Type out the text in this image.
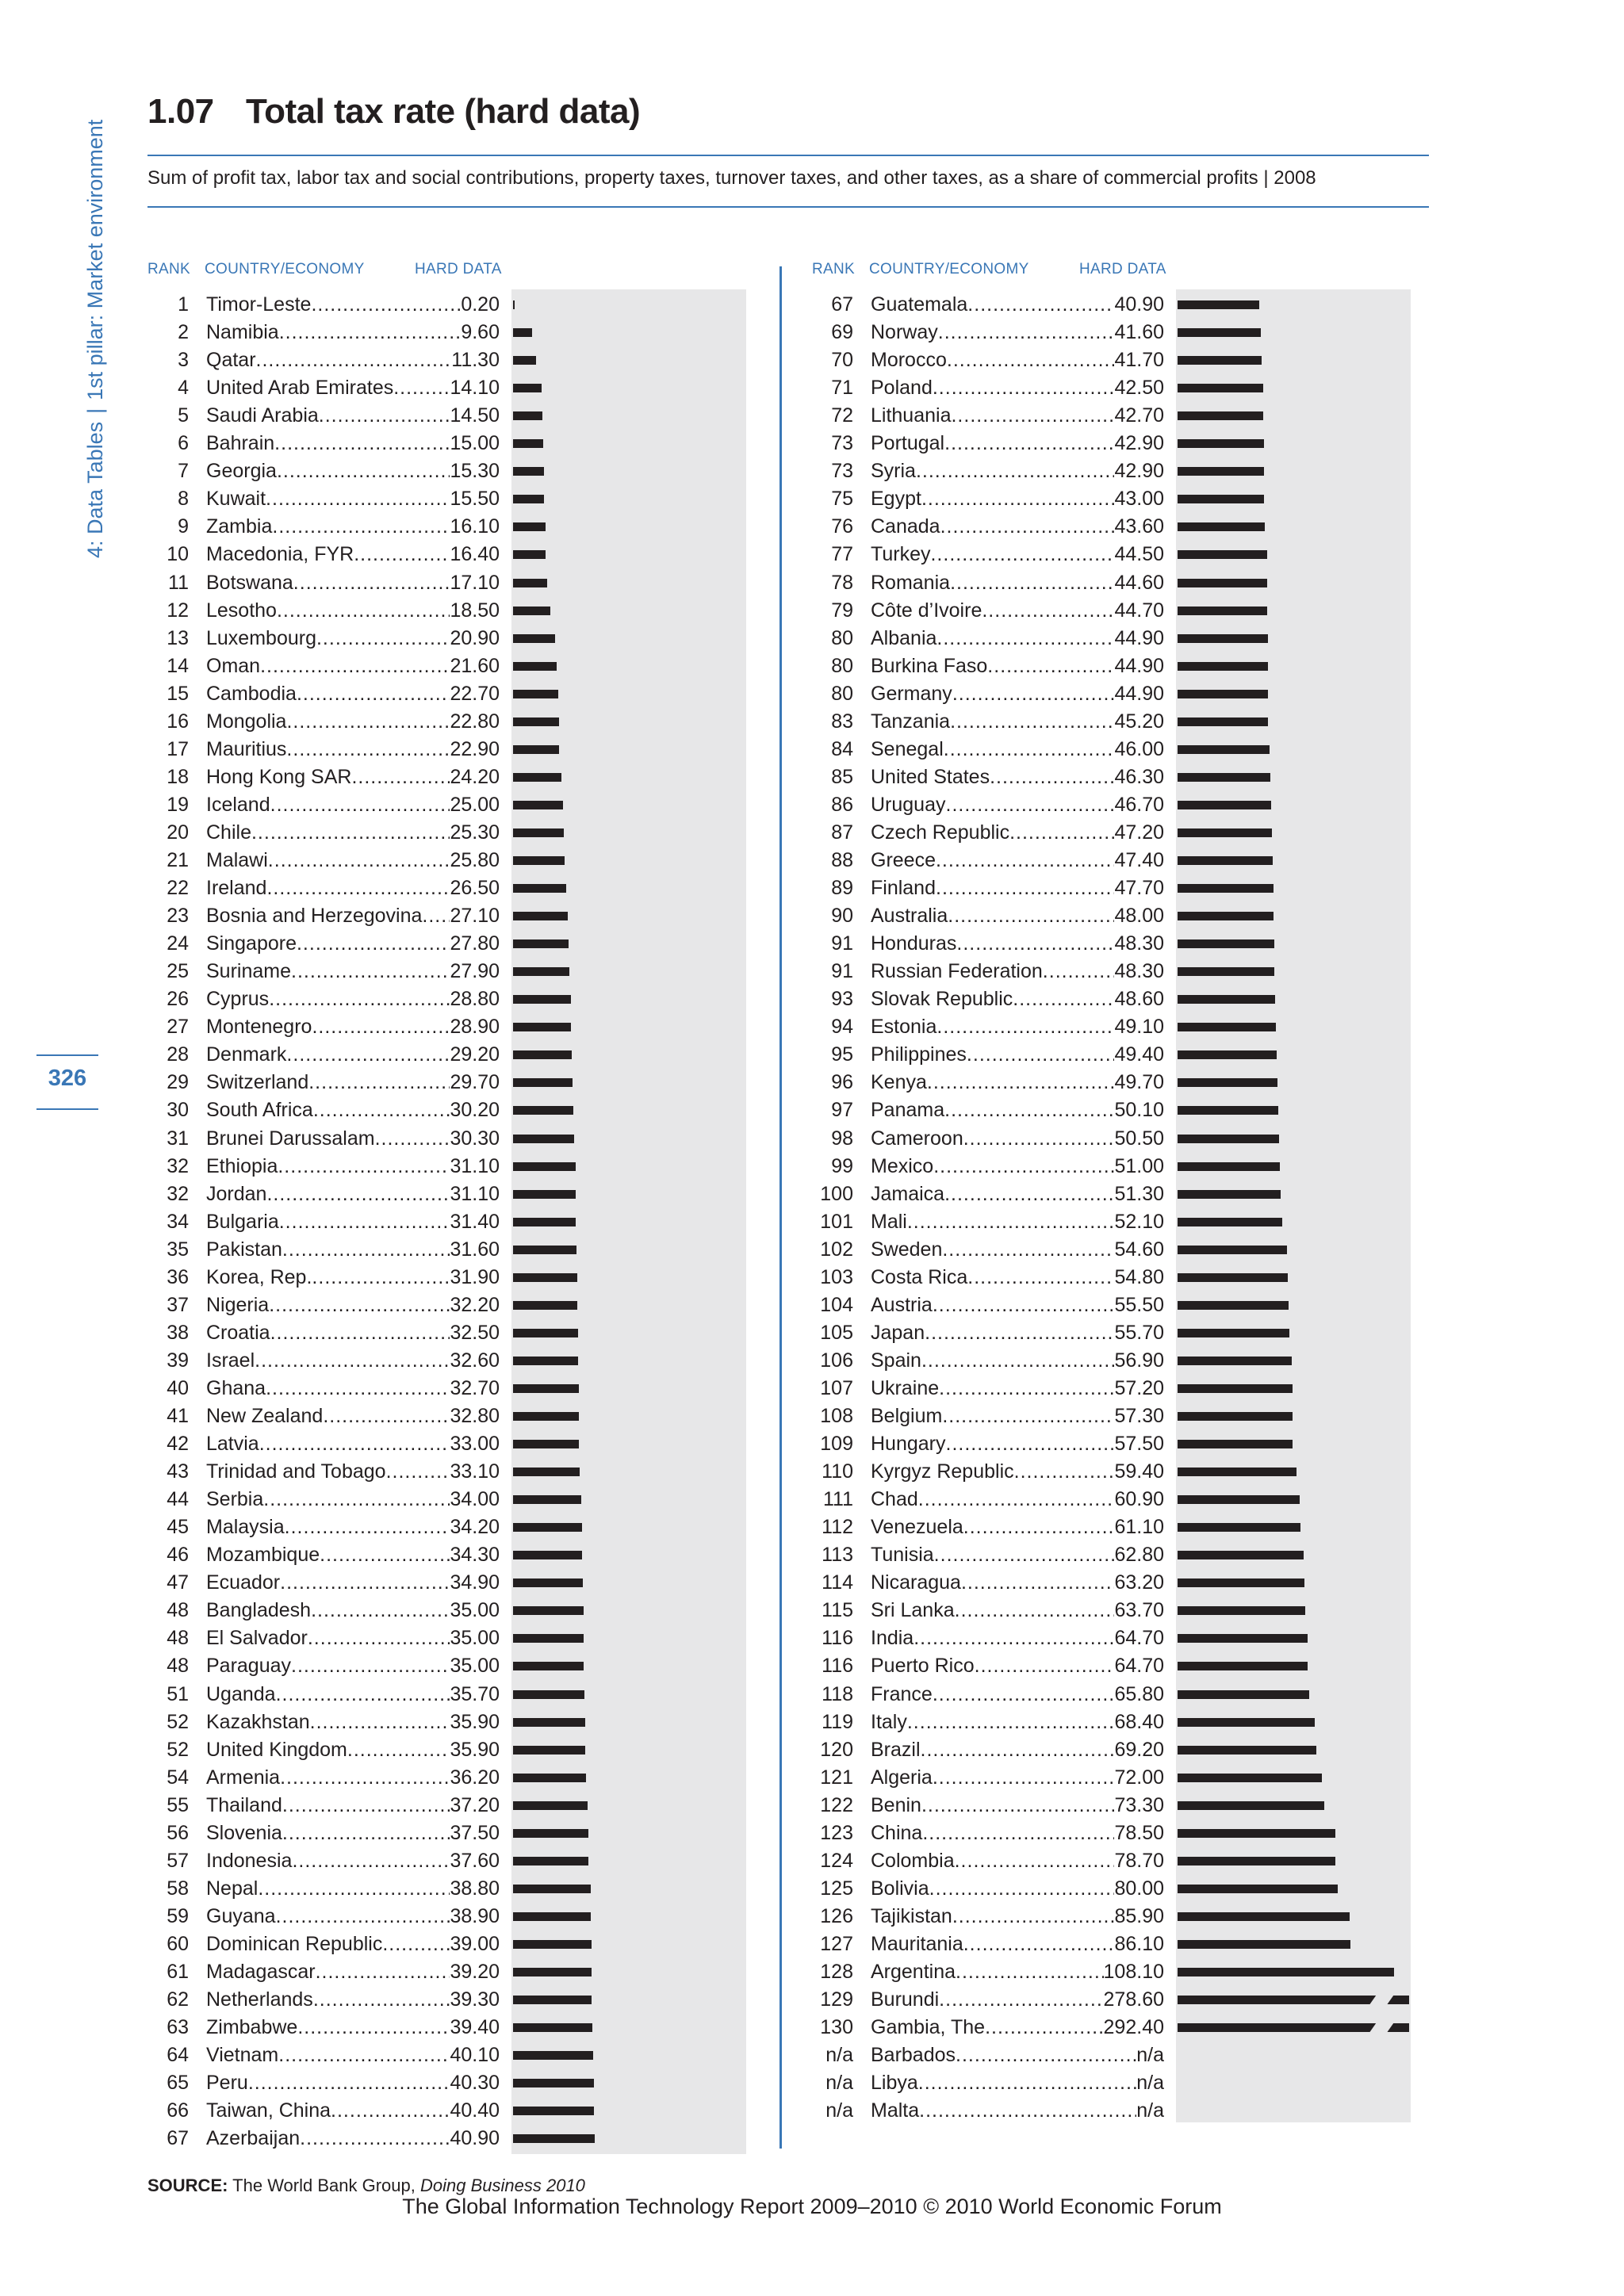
4: Data Tables|1st pillar: Market environment
326
1.07 Total tax rate (hard data)
Sum of profit tax, labor tax and social contributions, property taxes, turnover taxes, and other taxes, as a share of commercial profits | 2008
RANK COUNTRY/ECONOMY	HARD DATA	RANK COUNTRY/ECONOMY	HARD DATA
1 Timor-Leste .....	0.20
2 Namibia .....	9.60
3 Qatar .....	11.30
4 United Arab Emirates .....	14.10
5 Saudi Arabia .....	14.50
6 Bahrain .....	15.00
7 Georgia .....	15.30
8 Kuwait .....	15.50
9 Zambia .....	16.10
10 Macedonia, FYR .....	16.40
11 Botswana .....	17.10
12 Lesotho .....	18.50
13 Luxembourg .....	20.90
14 Oman .....	21.60
15 Cambodia .....	22.70
16 Mongolia .....	22.80
17 Mauritius .....	22.90
18 Hong Kong SAR .....	24.20
19 Iceland .....	25.00
20 Chile .....	25.30
21 Malawi .....	25.80
22 Ireland .....	26.50
23 Bosnia and Herzegovina ..... 27.10
24 Singapore .....	27.80
25 Suriname .....	27.90
26 Cyprus .....	28.80
27 Montenegro .....	28.90
28 Denmark .....	29.20
29 Switzerland .....	29.70
30 South Africa .....	30.20
31 Brunei Darussalam .....	30.30
32 Ethiopia .....	31.10
32 Jordan .....	31.10
34 Bulgaria .....	31.40
35 Pakistan .....	31.60
36 Korea, Rep. .....	31.90
37 Nigeria .....	32.20
38 Croatia .....	32.50
39 Israel .....	32.60
40 Ghana .....	32.70
41 New Zealand .....	32.80
42 Latvia .....	33.00
43 Trinidad and Tobago .....	33.10
44 Serbia .....	34.00
45 Malaysia .....	34.20
46 Mozambique .....	34.30
47 Ecuador .....	34.90
48 Bangladesh .....	35.00
48 El Salvador .....	35.00
48 Paraguay .....	35.00
51 Uganda .....	35.70
52 Kazakhstan .....	35.90
52 United Kingdom .....	35.90
54 Armenia .....	36.20
55 Thailand .....	37.20
56 Slovenia .....	37.50
57 Indonesia .....	37.60
58 Nepal .....	38.80
59 Guyana .....	38.90
60 Dominican Republic .....	39.00
61 Madagascar .....	39.20
62 Netherlands .....	39.30
63 Zimbabwe .....	39.40
64 Vietnam .....	40.10
65 Peru .....	40.30
66 Taiwan, China .....	40.40
67 Azerbaijan .....	40.90
67 Guatemala .....	40.90
69 Norway .....	41.60
70 Morocco .....	41.70
71 Poland .....	42.50
72 Lithuania .....	42.70
73 Portugal .....	42.90
73 Syria .....	42.90
75 Egypt .....	43.00
76 Canada .....	43.60
77 Turkey .....	44.50
78 Romania .....	44.60
79 Côte d’Ivoire .....	44.70
80 Albania .....	44.90
80 Burkina Faso .....	44.90
80 Germany .....	44.90
83 Tanzania .....	45.20
84 Senegal .....	46.00
85 United States .....	46.30
86 Uruguay .....	46.70
87 Czech Republic .....	47.20
88 Greece .....	47.40
89 Finland .....	47.70
90 Australia .....	48.00
91 Honduras .....	48.30
91 Russian Federation .....	48.30
93 Slovak Republic .....	48.60
94 Estonia .....	49.10
95 Philippines .....	49.40
96 Kenya .....	49.70
97 Panama .....	50.10
98 Cameroon .....	50.50
99 Mexico .....	51.00
100 Jamaica .....	51.30
101 Mali .....	52.10
102 Sweden .....	54.60
103 Costa Rica .....	54.80
104 Austria .....	55.50
105 Japan .....	55.70
106 Spain .....	56.90
107 Ukraine .....	57.20
108 Belgium .....	57.30
109 Hungary .....	57.50
110 Kyrgyz Republic .....	59.40
111 Chad .....	60.90
112 Venezuela .....	61.10
113 Tunisia .....	62.80
114 Nicaragua .....	63.20
115 Sri Lanka .....	63.70
116 India .....	64.70
116 Puerto Rico .....	64.70
118 France .....	65.80
119 Italy .....	68.40
120 Brazil .....	69.20
121 Algeria .....	72.00
122 Benin .....	73.30
123 China .....	78.50
124 Colombia .....	78.70
125 Bolivia .....	80.00
126 Tajikistan .....	85.90
127 Mauritania .....	86.10
128 Argentina .....	108.10
129 Burundi .....	278.60
130 Gambia, The .....	292.40
n/a Barbados .....	n/a
n/a Libya .....	n/a
n/a Malta .....	n/a
SOURCE: The World Bank Group, Doing Business 2010
The Global Information Technology Report 2009–2010 © 2010 World Economic Forum
